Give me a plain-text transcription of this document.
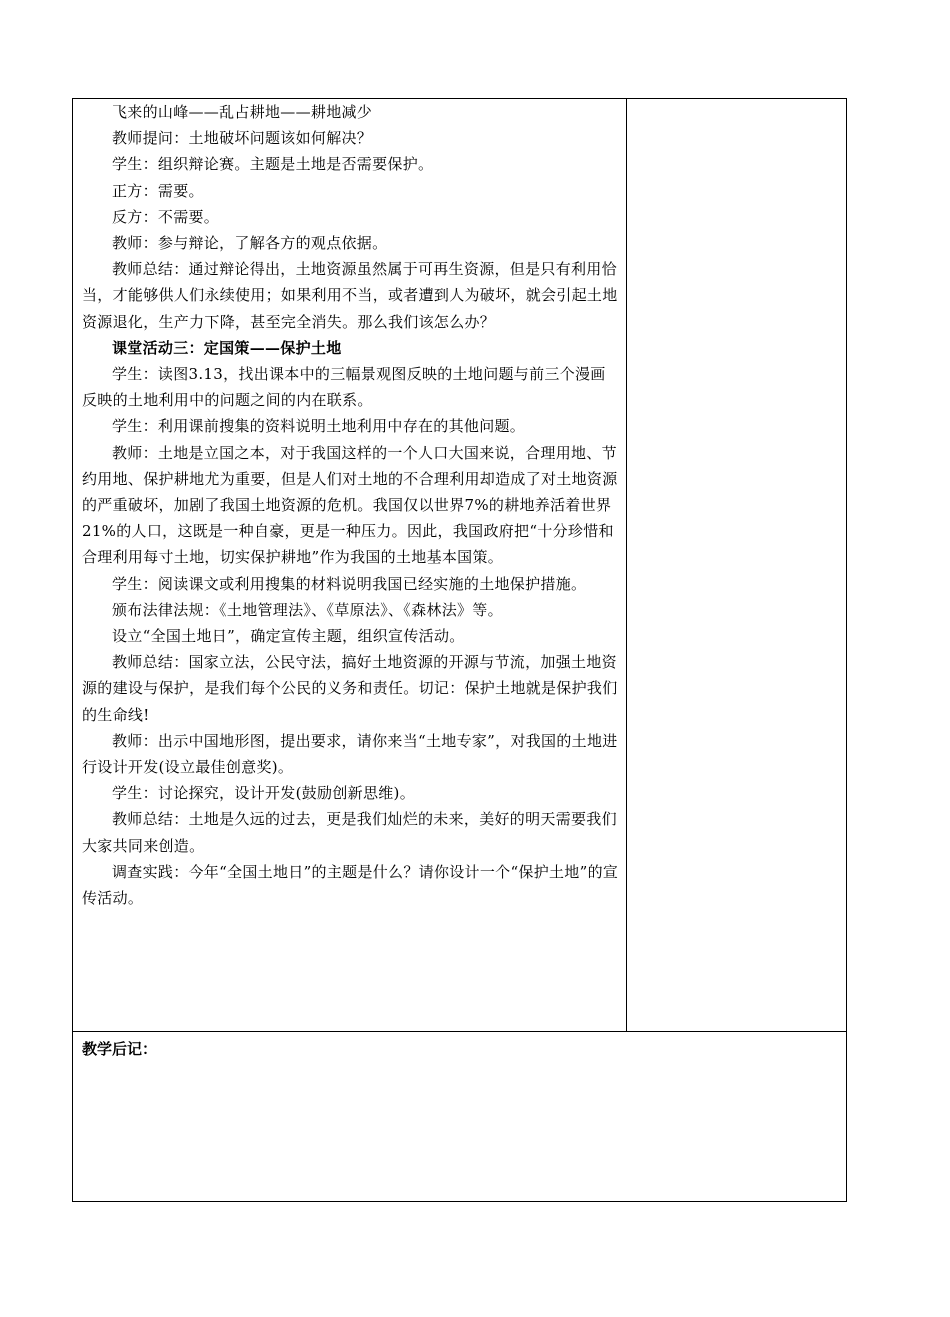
飞来的山峰——乱占耕地——耕地减少

教师提问：土地破坏问题该如何解决？

学生：组织辩论赛。主题是土地是否需要保护。

正方：需要。

反方：不需要。

教师：参与辩论，了解各方的观点依据。

教师总结：通过辩论得出，土地资源虽然属于可再生资源，但是只有利用恰当，才能够供人们永续使用；如果利用不当，或者遭到人为破坏，就会引起土地资源退化，生产力下降，甚至完全消失。那么我们该怎么办？

课堂活动三：定国策——保护土地

学生：读图3.13，找出课本中的三幅景观图反映的土地问题与前三个漫画反映的土地利用中的问题之间的内在联系。

学生：利用课前搜集的资料说明土地利用中存在的其他问题。

教师：土地是立国之本，对于我国这样的一个人口大国来说，合理用地、节约用地、保护耕地尤为重要，但是人们对土地的不合理利用却造成了对土地资源的严重破坏，加剧了我国土地资源的危机。我国仅以世界7%的耕地养活着世界21%的人口，这既是一种自豪，更是一种压力。因此，我国政府把“十分珍惜和合理利用每寸土地，切实保护耕地”作为我国的土地基本国策。

学生：阅读课文或利用搜集的材料说明我国已经实施的土地保护措施。

颁布法律法规：《土地管理法》、《草原法》、《森林法》等。

设立“全国土地日”，确定宣传主题，组织宣传活动。

教师总结：国家立法，公民守法，搞好土地资源的开源与节流，加强土地资源的建设与保护，是我们每个公民的义务和责任。切记：保护土地就是保护我们的生命线!

教师：出示中国地形图，提出要求，请你来当“土地专家”，对我国的土地进行设计开发(设立最佳创意奖)。

学生：讨论探究，设计开发(鼓励创新思维)。

教师总结：土地是久远的过去，更是我们灿烂的未来，美好的明天需要我们大家共同来创造。

调查实践：今年“全国土地日”的主题是什么？请你设计一个“保护土地”的宣传活动。

教学后记：
